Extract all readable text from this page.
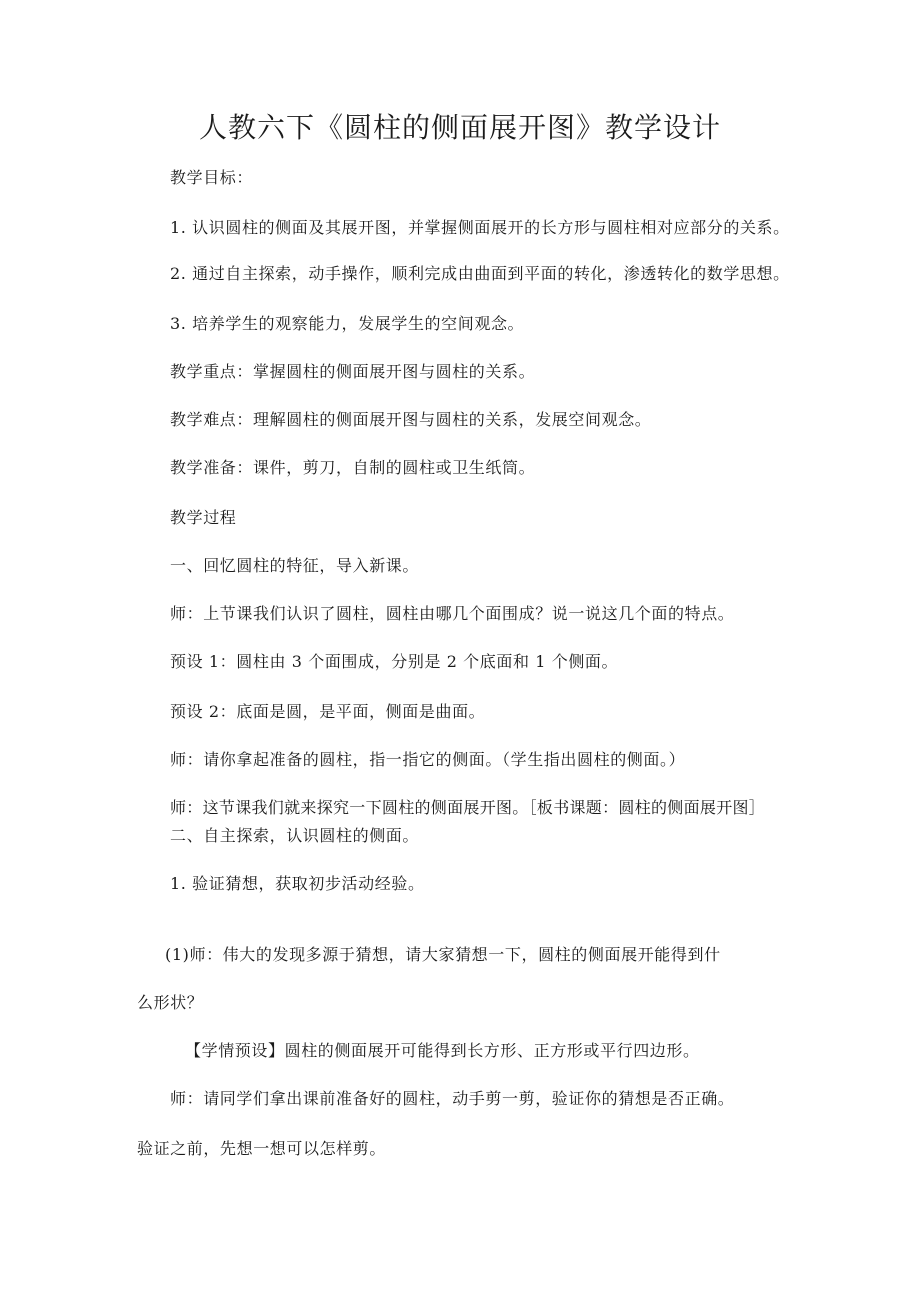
人教六下《圆柱的侧面展开图》教学设计
教学目标：
1. 认识圆柱的侧面及其展开图，并掌握侧面展开的长方形与圆柱相对应部分的关系。
2. 通过自主探索，动手操作，顺利完成由曲面到平面的转化，渗透转化的数学思想。
3. 培养学生的观察能力，发展学生的空间观念。
教学重点：掌握圆柱的侧面展开图与圆柱的关系。
教学难点：理解圆柱的侧面展开图与圆柱的关系，发展空间观念。
教学准备：课件，剪刀，自制的圆柱或卫生纸筒。
教学过程
一、回忆圆柱的特征，导入新课。
师：上节课我们认识了圆柱，圆柱由哪几个面围成？说一说这几个面的特点。
预设 1：圆柱由 3 个面围成，分别是 2 个底面和 1 个侧面。
预设 2：底面是圆，是平面，侧面是曲面。
师：请你拿起准备的圆柱，指一指它的侧面。（学生指出圆柱的侧面。）
师：这节课我们就来探究一下圆柱的侧面展开图。［板书课题：圆柱的侧面展开图］
二、自主探索，认识圆柱的侧面。
1. 验证猜想，获取初步活动经验。
(1)师：伟大的发现多源于猜想，请大家猜想一下，圆柱的侧面展开能得到什
么形状？
【学情预设】圆柱的侧面展开可能得到长方形、正方形或平行四边形。
师：请同学们拿出课前准备好的圆柱，动手剪一剪，验证你的猜想是否正确。
验证之前，先想一想可以怎样剪。
